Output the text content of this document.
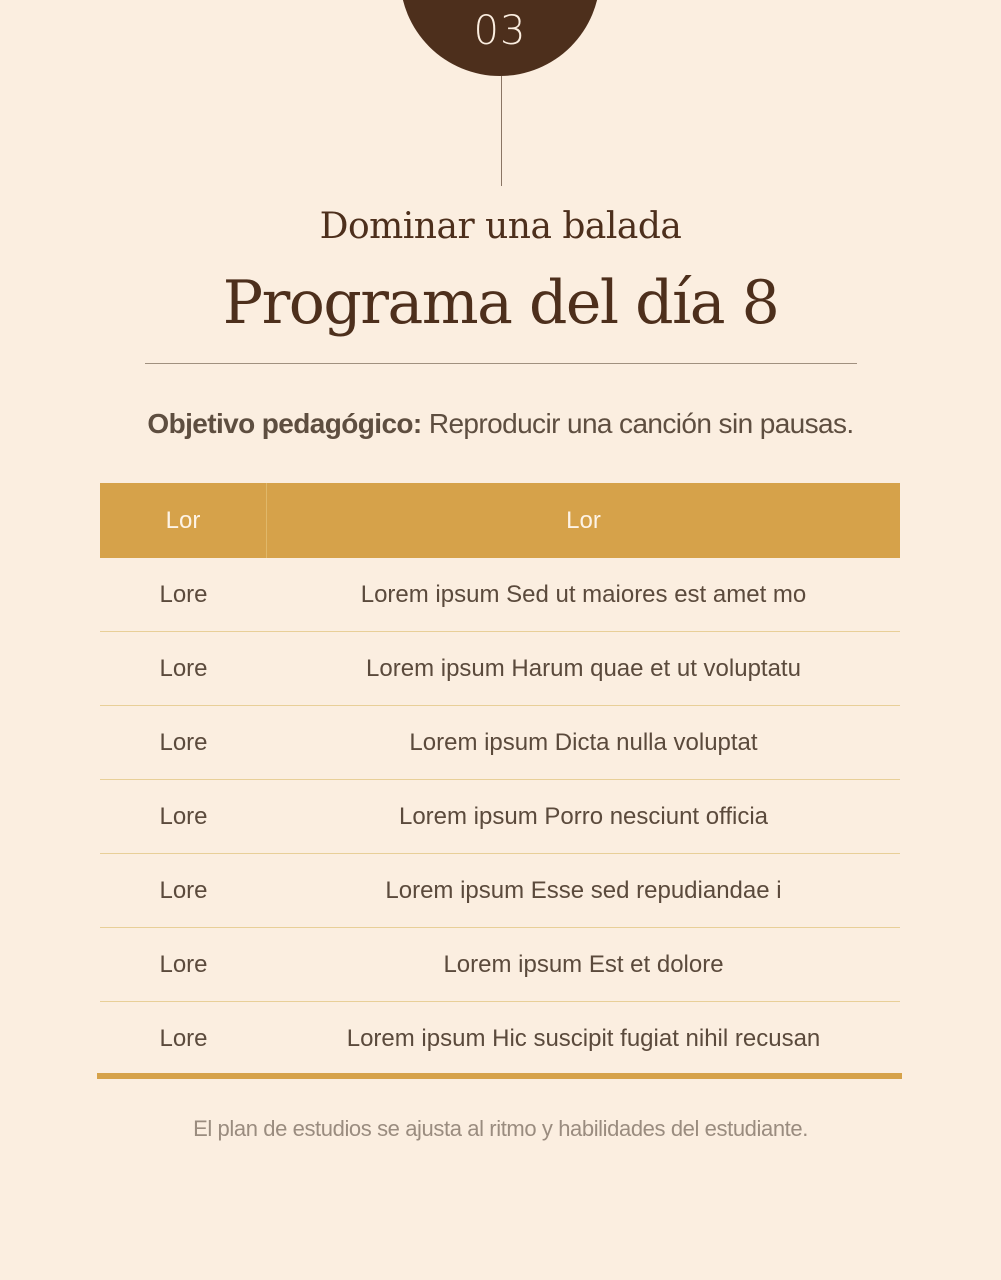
03
Dominar una balada
Programa del día 8
Objetivo pedagógico: Reproducir una canción sin pausas.
Lor	Lor
Lore	Lorem ipsum Sed ut maiores est amet mo
Lore	Lorem ipsum Harum quae et ut voluptatu
Lore	Lorem ipsum Dicta nulla voluptat
Lore	Lorem ipsum Porro nesciunt officia
Lore	Lorem ipsum Esse sed repudiandae i
Lore	Lorem ipsum Est et dolore
Lore	Lorem ipsum Hic suscipit fugiat nihil recusan
El plan de estudios se ajusta al ritmo y habilidades del estudiante.
